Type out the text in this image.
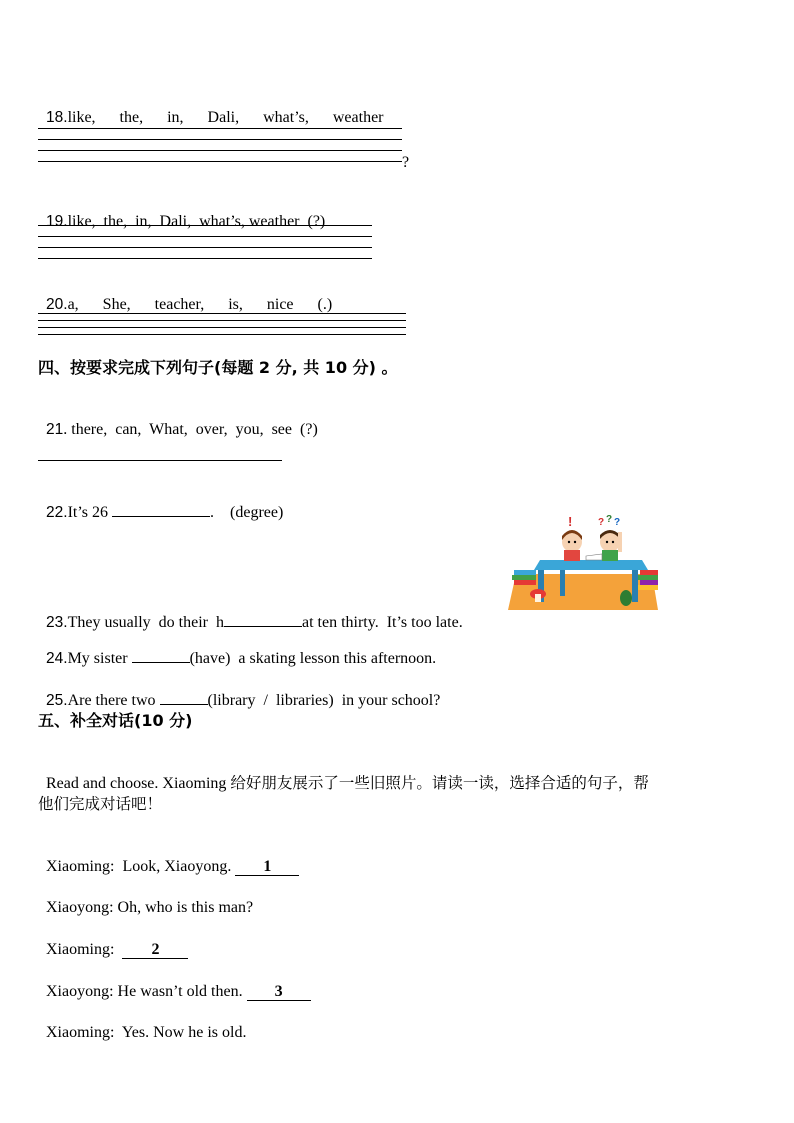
18.like,      the,      in,      Dali,      what’s,      weather

?

19.like,  the,  in,  Dali,  what’s, weather  (?)

20.a,      She,      teacher,      is,      nice      (.)

四、按要求完成下列句子(每题 2 分, 共 10 分) 。

21. there,  can,  What,  over,  you,  see  (?)

22.It’s 26	.    (degree)

!	? ? ?

23.They usually  do their  h	at ten thirty.  It’s too late.

24.My sister	(have)  a skating lesson this afternoon.

25.Are there two	(library  /  libraries)  in your school?

五、补全对话(10 分)

Read and choose. Xiaoming 给好朋友展示了一些旧照片。请读一读，选择合适的句子，帮

他们完成对话吧！

Xiaoming: Look, Xiaoyong. 1

Xiaoyong: Oh, who is this man?

Xiaoming: 2

Xiaoyong: He wasn’t old then. 3

Xiaoming: Yes. Now he is old.
